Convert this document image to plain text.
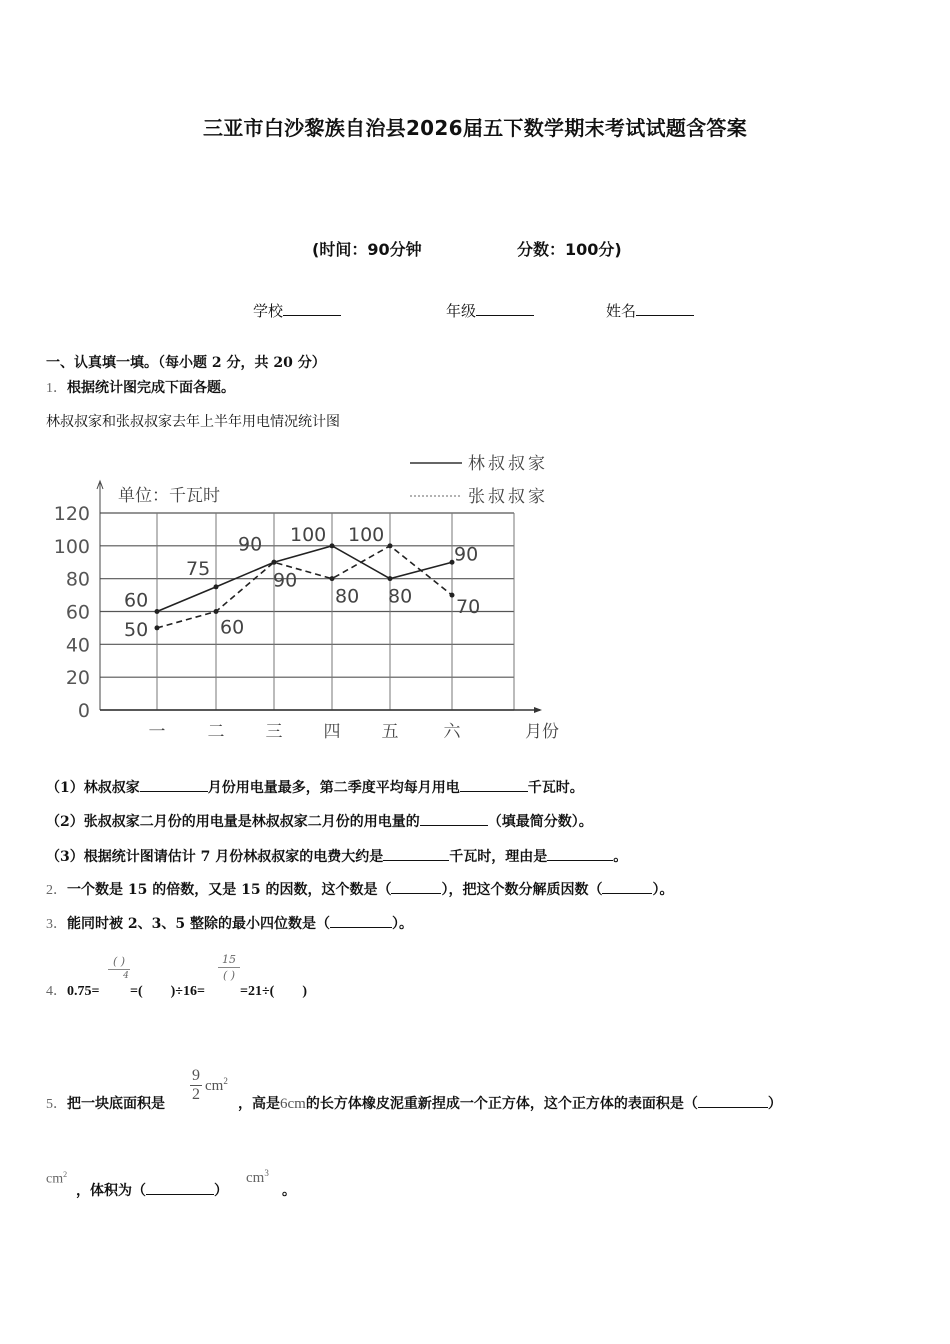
三亚市白沙黎族自治县2026届五下数学期末考试试题含答案
(时间：90分钟	分数：100分)
学校	年级	姓名
一、认真填一填。（每小题 2 分，共 20 分）
1．根据统计图完成下面各题。
林叔叔家和张叔叔家去年上半年用电情况统计图
0
20
40
60
80
100
120
单位：千瓦时
一 二 三 四 五	六	月份
林叔叔家
张叔叔家
60
75
90 100
80
90
50	60
90
80
100
70
（1）林叔叔家	月份用电量最多，第二季度平均每月用电	千瓦时。
（2）张叔叔家二月份的用电量是林叔叔家二月份的用电量的	（填最简分数）。
（3）根据统计图请估计 7 月份林叔叔家的电费大约是	千瓦时，理由是	。
2．一个数是 15 的倍数，又是 15 的因数，这个数是（	），把这个数分解质因数（	）。
3．能同时被 2、3、5 整除的最小四位数是（	）。
4．0.75=
( )
4
=(　　)÷16=
15
( )
=21÷(　　)
5．把一块底面积是
9
2 $cm^2$
，高是6cm的长方体橡皮泥重新捏成一个正方体，这个正方体的表面积是（	）
$cm^2$
，体积为（	）
$cm^3$
。
